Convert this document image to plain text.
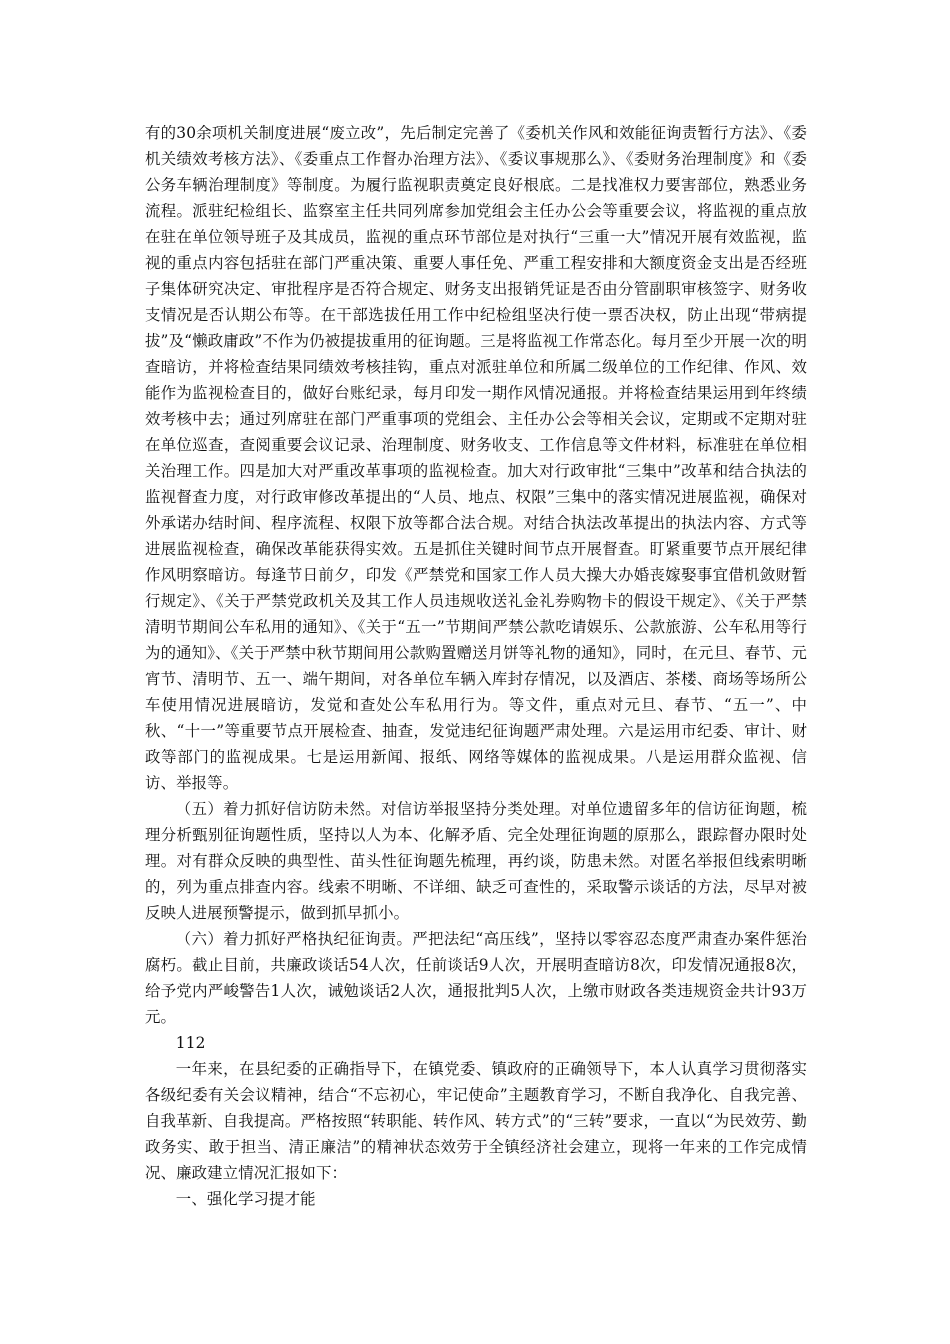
有的30余项机关制度进展“废立改”，先后制定完善了《委机关作风和效能征询责暂行方法》、《委机关绩效考核方法》、《委重点工作督办治理方法》、《委议事规那么》、《委财务治理制度》和《委公务车辆治理制度》等制度。为履行监视职责奠定良好根底。二是找准权力要害部位，熟悉业务流程。派驻纪检组长、监察室主任共同列席参加党组会主任办公会等重要会议，将监视的重点放在驻在单位领导班子及其成员，监视的重点环节部位是对执行“三重一大”情况开展有效监视，监视的重点内容包括驻在部门严重决策、重要人事任免、严重工程安排和大额度资金支出是否经班子集体研究决定、审批程序是否符合规定、财务支出报销凭证是否由分管副职审核签字、财务收支情况是否认期公布等。在干部选拔任用工作中纪检组坚决行使一票否决权，防止出现“带病提拔”及“懒政庸政”不作为仍被提拔重用的征询题。三是将监视工作常态化。每月至少开展一次的明查暗访，并将检查结果同绩效考核挂钩，重点对派驻单位和所属二级单位的工作纪律、作风、效能作为监视检查目的，做好台账纪录，每月印发一期作风情况通报。并将检查结果运用到年终绩效考核中去；通过列席驻在部门严重事项的党组会、主任办公会等相关会议，定期或不定期对驻在单位巡查，查阅重要会议记录、治理制度、财务收支、工作信息等文件材料，标准驻在单位相关治理工作。四是加大对严重改革事项的监视检查。加大对行政审批“三集中”改革和结合执法的监视督查力度，对行政审修改革提出的“人员、地点、权限”三集中的落实情况进展监视，确保对外承诺办结时间、程序流程、权限下放等都合法合规。对结合执法改革提出的执法内容、方式等进展监视检查，确保改革能获得实效。五是抓住关键时间节点开展督查。盯紧重要节点开展纪律作风明察暗访。每逢节日前夕，印发《严禁党和国家工作人员大操大办婚丧嫁娶事宜借机敛财暂行规定》、《关于严禁党政机关及其工作人员违规收送礼金礼券购物卡的假设干规定》、《关于严禁清明节期间公车私用的通知》、《关于“五一”节期间严禁公款吃请娱乐、公款旅游、公车私用等行为的通知》、《关于严禁中秋节期间用公款购置赠送月饼等礼物的通知》，同时，在元旦、春节、元宵节、清明节、五一、端午期间，对各单位车辆入库封存情况，以及酒店、茶楼、商场等场所公车使用情况进展暗访，发觉和查处公车私用行为。等文件，重点对元旦、春节、“五一”、中秋、“十一”等重要节点开展检查、抽查，发觉违纪征询题严肃处理。六是运用市纪委、审计、财政等部门的监视成果。七是运用新闻、报纸、网络等媒体的监视成果。八是运用群众监视、信访、举报等。

（五）着力抓好信访防未然。对信访举报坚持分类处理。对单位遗留多年的信访征询题，梳理分析甄别征询题性质，坚持以人为本、化解矛盾、完全处理征询题的原那么，跟踪督办限时处理。对有群众反映的典型性、苗头性征询题先梳理，再约谈，防患未然。对匿名举报但线索明晰的，列为重点排查内容。线索不明晰、不详细、缺乏可查性的，采取警示谈话的方法，尽早对被反映人进展预警提示，做到抓早抓小。

（六）着力抓好严格执纪征询责。严把法纪“高压线”，坚持以零容忍态度严肃查办案件惩治腐朽。截止目前，共廉政谈话54人次，任前谈话9人次，开展明查暗访8次，印发情况通报8次，给予党内严峻警告1人次，诫勉谈话2人次，通报批判5人次，上缴市财政各类违规资金共计93万元。

112

一年来，在县纪委的正确指导下，在镇党委、镇政府的正确领导下，本人认真学习贯彻落实各级纪委有关会议精神，结合“不忘初心，牢记使命”主题教育学习，不断自我净化、自我完善、自我革新、自我提高。严格按照“转职能、转作风、转方式”的“三转”要求，一直以“为民效劳、勤政务实、敢于担当、清正廉洁”的精神状态效劳于全镇经济社会建立，现将一年来的工作完成情况、廉政建立情况汇报如下：

一、强化学习提才能
